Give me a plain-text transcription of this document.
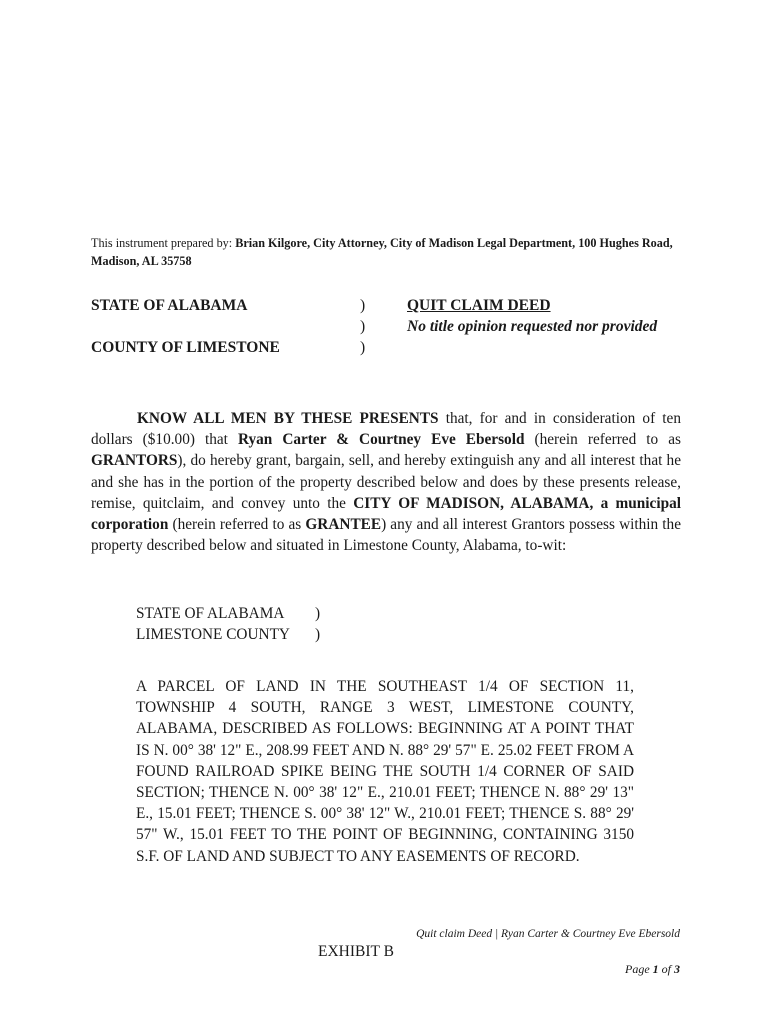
This instrument prepared by: Brian Kilgore, City Attorney, City of Madison Legal Department, 100 Hughes Road, Madison, AL 35758
STATE OF ALABAMA
COUNTY OF LIMESTONE
)
)
)
QUIT CLAIM DEED
No title opinion requested nor provided

KNOW ALL MEN BY THESE PRESENTS that, for and in consideration of ten dollars ($10.00) that Ryan Carter & Courtney Eve Ebersold (herein referred to as GRANTORS), do hereby grant, bargain, sell, and hereby extinguish any and all interest that he and she has in the portion of the property described below and does by these presents release, remise, quitclaim, and convey unto the CITY OF MADISON, ALABAMA, a municipal corporation (herein referred to as GRANTEE) any and all interest Grantors possess within the property described below and situated in Limestone County, Alabama, to-wit:

STATE OF ALABAMA )
LIMESTONE COUNTY )
A PARCEL OF LAND IN THE SOUTHEAST 1/4 OF SECTION 11, TOWNSHIP 4 SOUTH, RANGE 3 WEST, LIMESTONE COUNTY, ALABAMA, DESCRIBED AS FOLLOWS: BEGINNING AT A POINT THAT IS N. 00° 38' 12" E., 208.99 FEET AND N. 88° 29' 57" E. 25.02 FEET FROM A FOUND RAILROAD SPIKE BEING THE SOUTH 1/4 CORNER OF SAID SECTION; THENCE N. 00° 38' 12" E., 210.01 FEET; THENCE N. 88° 29' 13" E., 15.01 FEET; THENCE S. 00° 38' 12" W., 210.01 FEET; THENCE S. 88° 29' 57" W., 15.01 FEET TO THE POINT OF BEGINNING, CONTAINING 3150 S.F. OF LAND AND SUBJECT TO ANY EASEMENTS OF RECORD.
Quit claim Deed | Ryan Carter & Courtney Eve Ebersold
EXHIBIT B
Page 1 of 3
